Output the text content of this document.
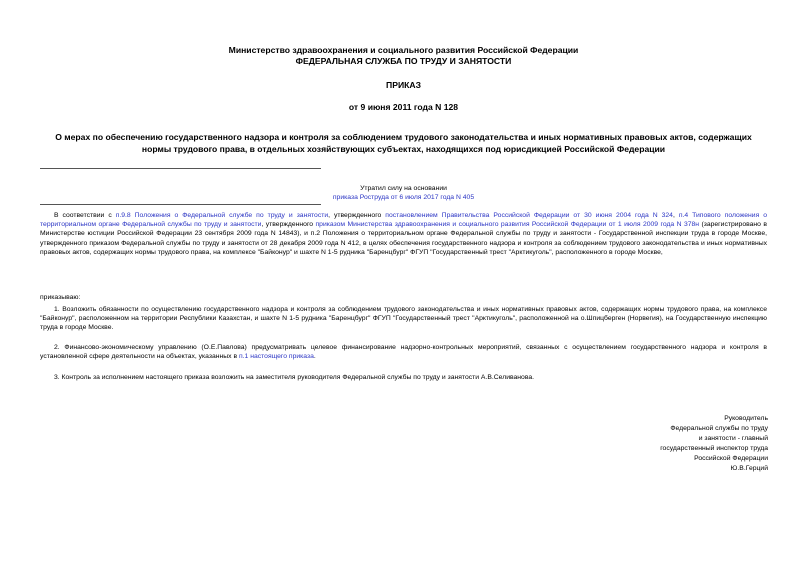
Министерство здравоохранения и социального развития Российской Федерации

ФЕДЕРАЛЬНАЯ СЛУЖБА ПО ТРУДУ И ЗАНЯТОСТИ

ПРИКАЗ

от 9 июня 2011 года N 128

О мерах по обеспечению государственного надзора и контроля за соблюдением трудового законодательства и иных нормативных правовых актов, содержащих нормы трудового права, в отдельных хозяйствующих субъектах, находящихся под юрисдикцией Российской Федерации

Утратил силу на основании

приказа Роструда от 6 июля 2017 года N 405

В соответствии с п.9.8 Положения о Федеральной службе по труду и занятости, утвержденного постановлением Правительства Российской Федерации от 30 июня 2004 года N 324, п.4 Типового положения о территориальном органе Федеральной службы по труду и занятости, утвержденного приказом Министерства здравоохранения и социального развития Российской Федерации от 1 июля 2009 года N 378н (зарегистрировано в Министерстве юстиции Российской Федерации 23 сентября 2009 года N 14843), и п.2 Положения о территориальном органе Федеральной службы по труду и занятости - Государственной инспекции труда в городе Москве, утвержденного приказом Федеральной службы по труду и занятости от 28 декабря 2009 года N 412, в целях обеспечения государственного надзора и контроля за соблюдением трудового законодательства и иных нормативных правовых актов, содержащих нормы трудового права, на комплексе "Байконур" и шахте N 1-5 рудника "Баренцбург" ФГУП "Государственный трест "Арктикуголь", расположенного в городе Москве,

приказываю:

1. Возложить обязанности по осуществлению государственного надзора и контроля за соблюдением трудового законодательства и иных нормативных правовых актов, содержащих нормы трудового права, на комплексе "Байконур", расположенном на территории Республики Казахстан, и шахте N 1-5 рудника "Баренцбург" ФГУП "Государственный трест "Арктикуголь", расположенной на о.Шпицберген (Норвегия), на Государственную инспекцию труда в городе Москве.

2. Финансово-экономическому управлению (О.Е.Павлова) предусматривать целевое финансирование надзорно-контрольных мероприятий, связанных с осуществлением государственного надзора и контроля в установленной сфере деятельности на объектах, указанных в п.1 настоящего приказа.

3. Контроль за исполнением настоящего приказа возложить на заместителя руководителя Федеральной службы по труду и занятости А.В.Селиванова.

Руководитель

Федеральной службы по труду

и занятости - главный

государственный инспектор труда

Российской Федерации

Ю.В.Герций
